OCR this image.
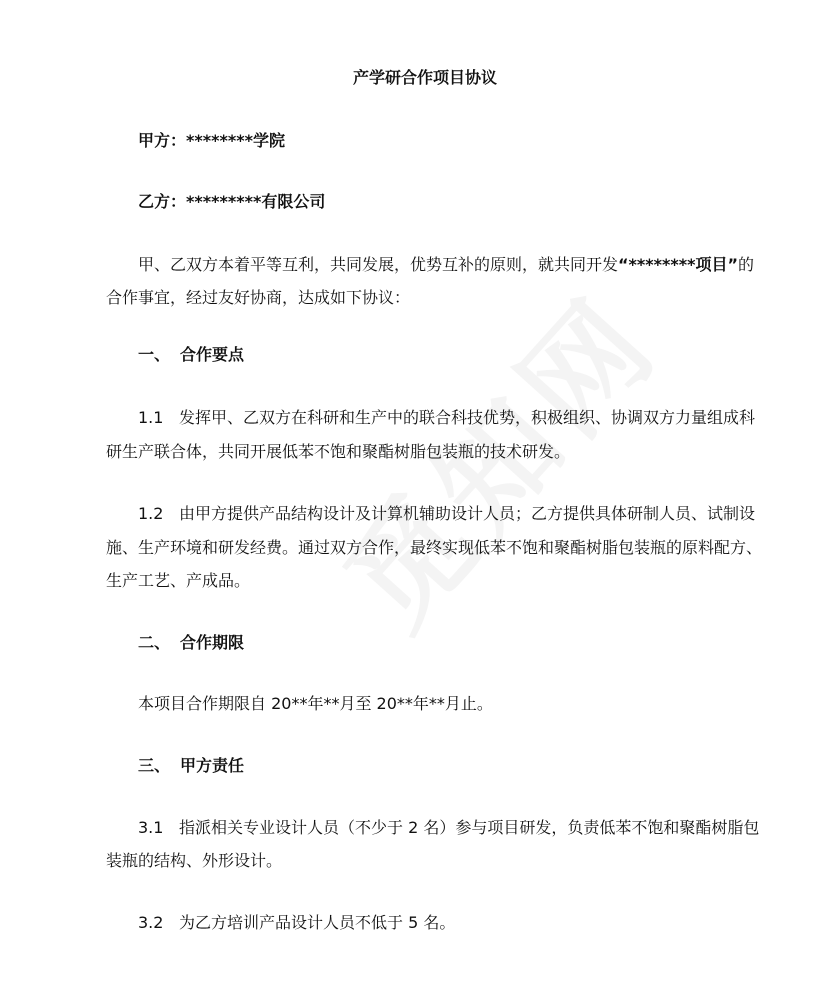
产学研合作项目协议
甲方：********学院
乙方：*********有限公司
甲、乙双方本着平等互利，共同发展，优势互补的原则，就共同开发“********项目”的
合作事宜，经过友好协商，达成如下协议：
一、 合作要点
1.1 发挥甲、乙双方在科研和生产中的联合科技优势，积极组织、协调双方力量组成科
研生产联合体，共同开展低苯不饱和聚酯树脂包装瓶的技术研发。
1.2 由甲方提供产品结构设计及计算机辅助设计人员；乙方提供具体研制人员、试制设
施、生产环境和研发经费。通过双方合作，最终实现低苯不饱和聚酯树脂包装瓶的原料配方、
生产工艺、产成品。
二、 合作期限
本项目合作期限自 20**年**月至 20**年**月止。
三、 甲方责任
3.1 指派相关专业设计人员（不少于 2 名）参与项目研发，负责低苯不饱和聚酯树脂包
装瓶的结构、外形设计。
3.2 为乙方培训产品设计人员不低于 5 名。
